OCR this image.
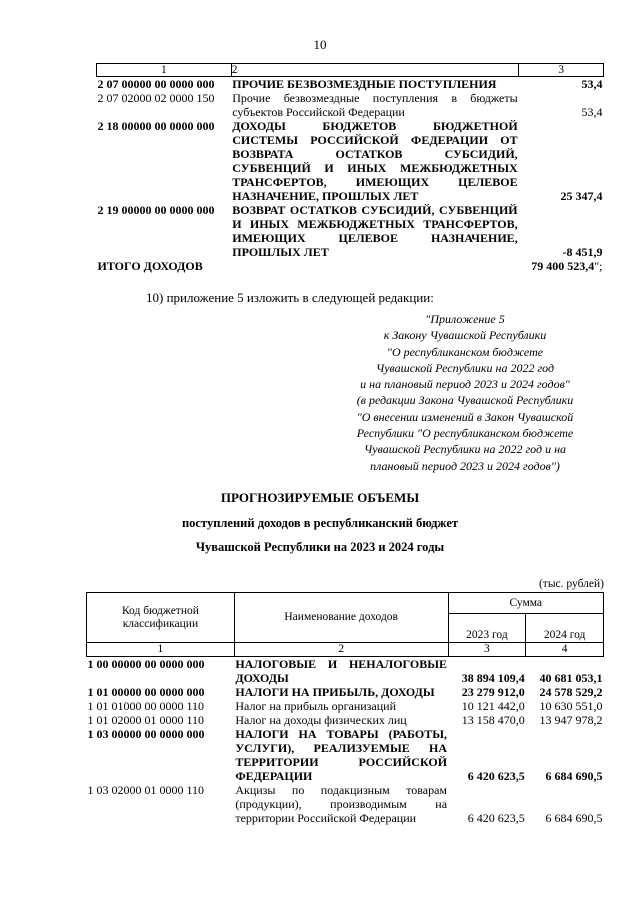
10
1	2	3
2 07 00000 00 0000 000	ПРОЧИЕ БЕЗВОЗМЕЗДНЫЕ ПОСТУПЛЕНИЯ	53,4
2 07 02000 02 0000 150	Прочие безвозмездные поступления в бюджеты субъектов Российской Федерации	53,4
2 18 00000 00 0000 000	ДОХОДЫ БЮДЖЕТОВ БЮДЖЕТНОЙ СИСТЕМЫ РОССИЙСКОЙ ФЕДЕРАЦИИ ОТ ВОЗВРАТА ОСТАТКОВ СУБСИДИЙ, СУБВЕНЦИЙ И ИНЫХ МЕЖБЮДЖЕТНЫХ ТРАНСФЕРТОВ, ИМЕЮЩИХ ЦЕЛЕВОЕ НАЗНАЧЕНИЕ, ПРОШЛЫХ ЛЕТ	25 347,4
2 19 00000 00 0000 000	ВОЗВРАТ ОСТАТКОВ СУБСИДИЙ, СУБВЕНЦИЙ И ИНЫХ МЕЖБЮДЖЕТНЫХ ТРАНСФЕРТОВ, ИМЕЮЩИХ ЦЕЛЕВОЕ НАЗНАЧЕНИЕ, ПРОШЛЫХ ЛЕТ	-8 451,9
ИТОГО ДОХОДОВ		79 400 523,4";
10) приложение 5 изложить в следующей редакции:
"Приложение 5
к Закону Чувашской Республики
"О республиканском бюджете
Чувашской Республики на 2022 год
и на плановый период 2023 и 2024 годов"
(в редакции Закона Чувашской Республики
"О внесении изменений в Закон Чувашской
Республики "О республиканском бюджете
Чувашской Республики на 2022 год и на
плановый период 2023 и 2024 годов")
ПРОГНОЗИРУЕМЫЕ ОБЪЕМЫ
поступлений доходов в республиканский бюджет
Чувашской Республики на 2023 и 2024 годы
(тыс. рублей)
Код бюджетной классификации	Наименование доходов	Сумма	
		2023 год	2024 год
1	2	3	4
1 00 00000 00 0000 000	НАЛОГОВЫЕ И НЕНАЛОГОВЫЕ ДОХОДЫ	38 894 109,4	40 681 053,1
1 01 00000 00 0000 000	НАЛОГИ НА ПРИБЫЛЬ, ДОХОДЫ	23 279 912,0	24 578 529,2
1 01 01000 00 0000 110	Налог на прибыль организаций	10 121 442,0	10 630 551,0
1 01 02000 01 0000 110	Налог на доходы физических лиц	13 158 470,0	13 947 978,2
1 03 00000 00 0000 000	НАЛОГИ НА ТОВАРЫ (РАБОТЫ, УСЛУГИ), РЕАЛИЗУЕМЫЕ НА ТЕРРИТОРИИ РОССИЙСКОЙ ФЕДЕРАЦИИ	6 420 623,5	6 684 690,5
1 03 02000 01 0000 110	Акцизы по подакцизным товарам (продукции), производимым на территории Российской Федерации	6 420 623,5	6 684 690,5
